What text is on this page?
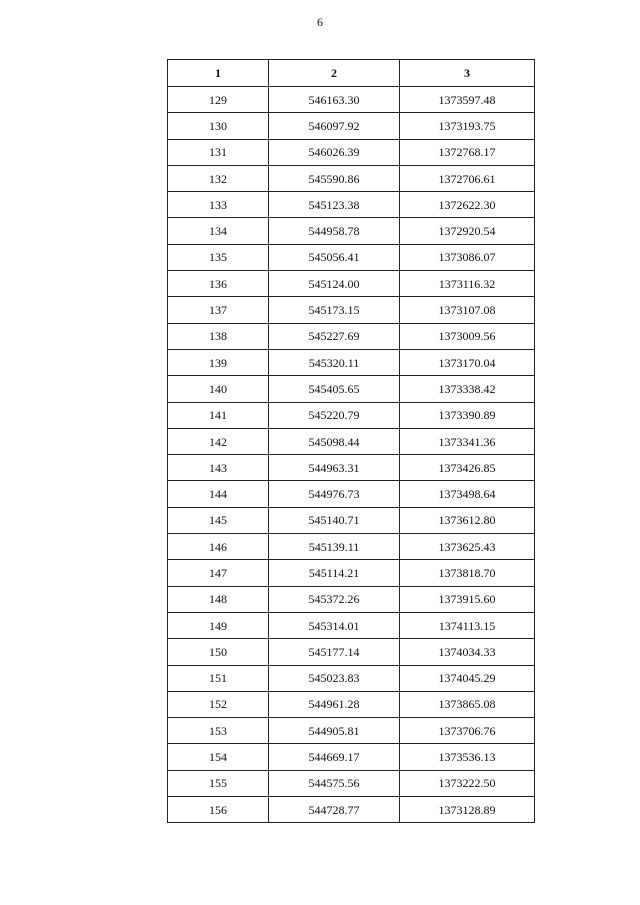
6
1	2	3
129	546163.30	1373597.48
130	546097.92	1373193.75
131	546026.39	1372768.17
132	545590.86	1372706.61
133	545123.38	1372622.30
134	544958.78	1372920.54
135	545056.41	1373086.07
136	545124.00	1373116.32
137	545173.15	1373107.08
138	545227.69	1373009.56
139	545320.11	1373170.04
140	545405.65	1373338.42
141	545220.79	1373390.89
142	545098.44	1373341.36
143	544963.31	1373426.85
144	544976.73	1373498.64
145	545140.71	1373612.80
146	545139.11	1373625.43
147	545114.21	1373818.70
148	545372.26	1373915.60
149	545314.01	1374113.15
150	545177.14	1374034.33
151	545023.83	1374045.29
152	544961.28	1373865.08
153	544905.81	1373706.76
154	544669.17	1373536.13
155	544575.56	1373222.50
156	544728.77	1373128.89
